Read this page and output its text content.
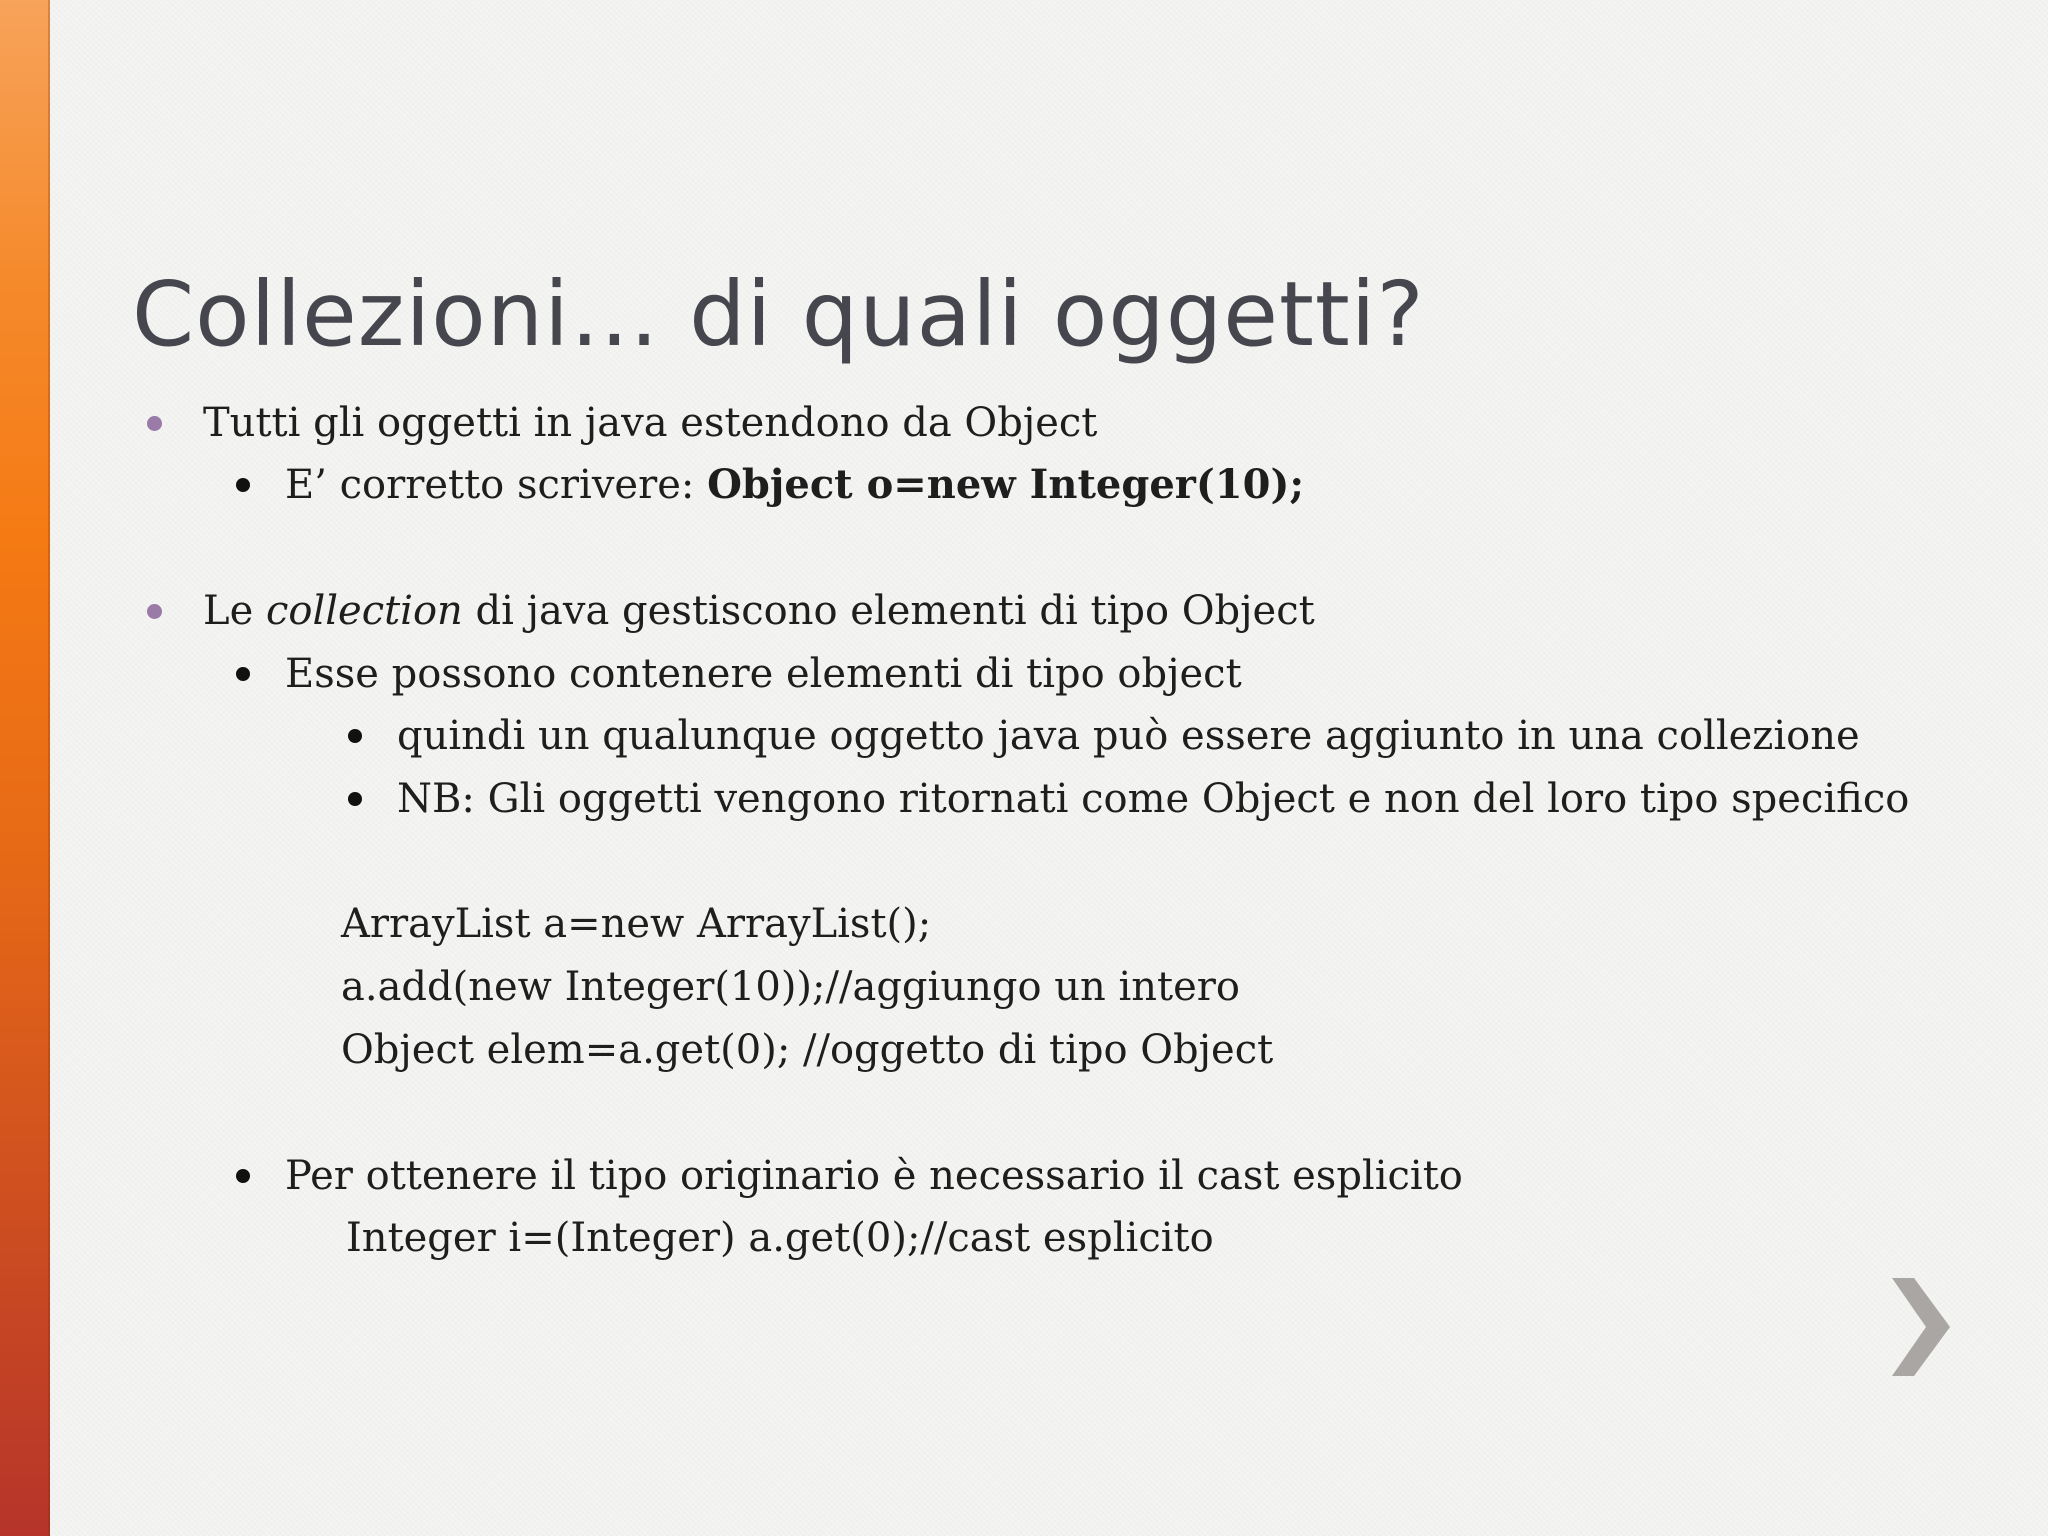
Collezioni… di quali oggetti?
Tutti gli oggetti in java estendono da Object
E’ corretto scrivere: Object o=new Integer(10);
Le collection di java gestiscono elementi di tipo Object
Esse possono contenere elementi di tipo object
quindi un qualunque oggetto java può essere aggiunto in una collezione
NB: Gli oggetti vengono ritornati come Object e non del loro tipo specifico
ArrayList a=new ArrayList();
a.add(new Integer(10));//aggiungo un intero
Object elem=a.get(0); //oggetto di tipo Object
Per ottenere il tipo originario è necessario il cast esplicito
Integer i=(Integer) a.get(0);//cast esplicito
